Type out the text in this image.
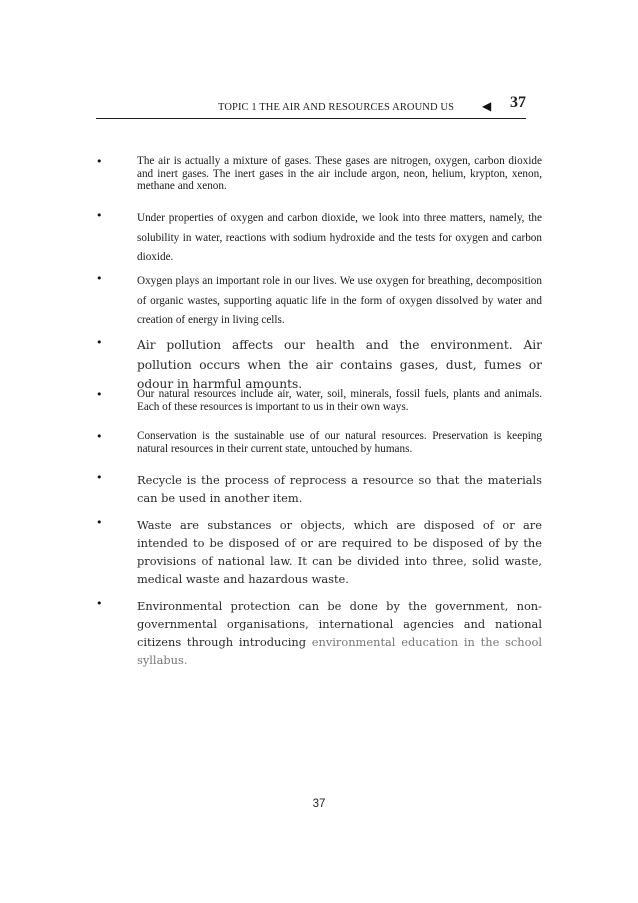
TOPIC 1 THE AIR AND RESOURCES AROUND US ◀ 37
•	The air is actually a mixture of gases. These gases are nitrogen, oxygen, carbon dioxide and inert gases. The inert gases in the air include argon, neon, helium, krypton, xenon, methane and xenon.
•	Under properties of oxygen and carbon dioxide, we look into three matters, namely, the solubility in water, reactions with sodium hydroxide and the tests for oxygen and carbon dioxide.
•	Oxygen plays an important role in our lives. We use oxygen for breathing, decomposition of organic wastes, supporting aquatic life in the form of oxygen dissolved by water and creation of energy in living cells.
•	Air pollution affects our health and the environment. Air pollution occurs when the air contains gases, dust, fumes or odour in harmful amounts.
•	Our natural resources include air, water, soil, minerals, fossil fuels, plants and animals. Each of these resources is important to us in their own ways.
•	Conservation is the sustainable use of our natural resources. Preservation is keeping natural resources in their current state, untouched by humans.
•	Recycle is the process of reprocess a resource so that the materials can be used in another item.
•	Waste are substances or objects, which are disposed of or are intended to be disposed of or are required to be disposed of by the provisions of national law. It can be divided into three, solid waste, medical waste and hazardous waste.
•	Environmental protection can be done by the government, non-governmental organisations, international agencies and national citizens through introducing environmental education in the school syllabus.
37
